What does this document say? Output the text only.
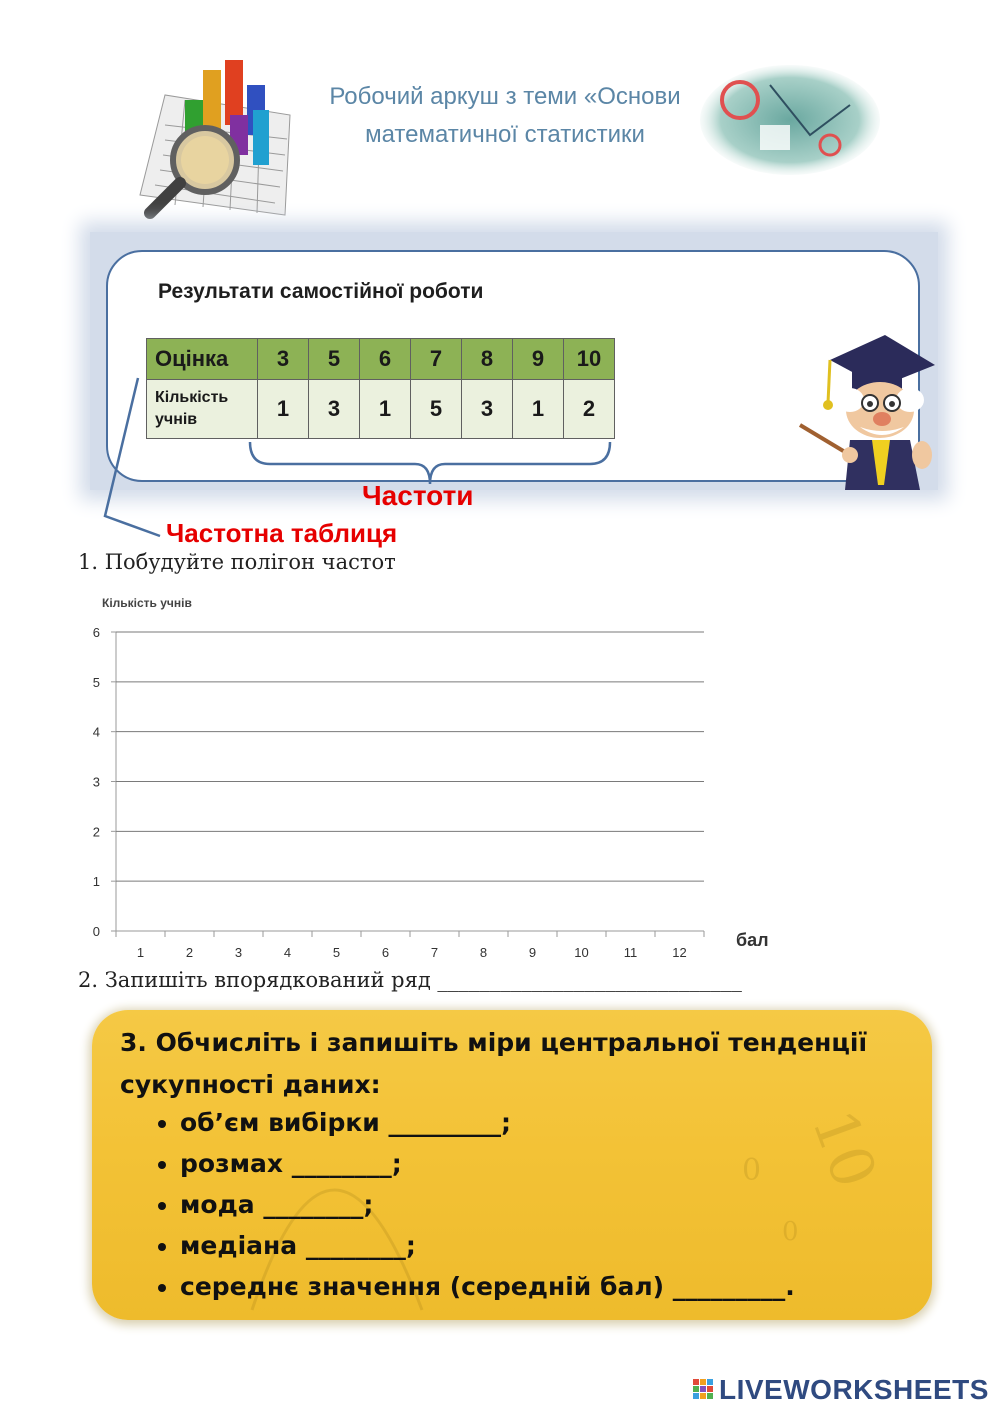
Робочий аркуш з теми «Основи
математичної статистики
Результати самостійної роботи
Оцінка	3	5	6	7	8	9	10

Кількість
учнів	1	3	1	5	3	1	2
Частоти
Частотна таблиця
1. Побудуйте полігон частот
Кількість учнів
бал
0
1
2
3
4
5
6
1	2	3	4	5	6	7	8	9	10	11	12
2. Запишіть впорядкований ряд _____________________________
10
0
0
3. Обчисліть і запишіть міри центральної тенденції сукупності даних:
• об’єм вибірки _________;
• розмах ________;
• мода ________;
• медіана ________;
• середнє значення (середній бал) _________.
LIVEWORKSHEETS
